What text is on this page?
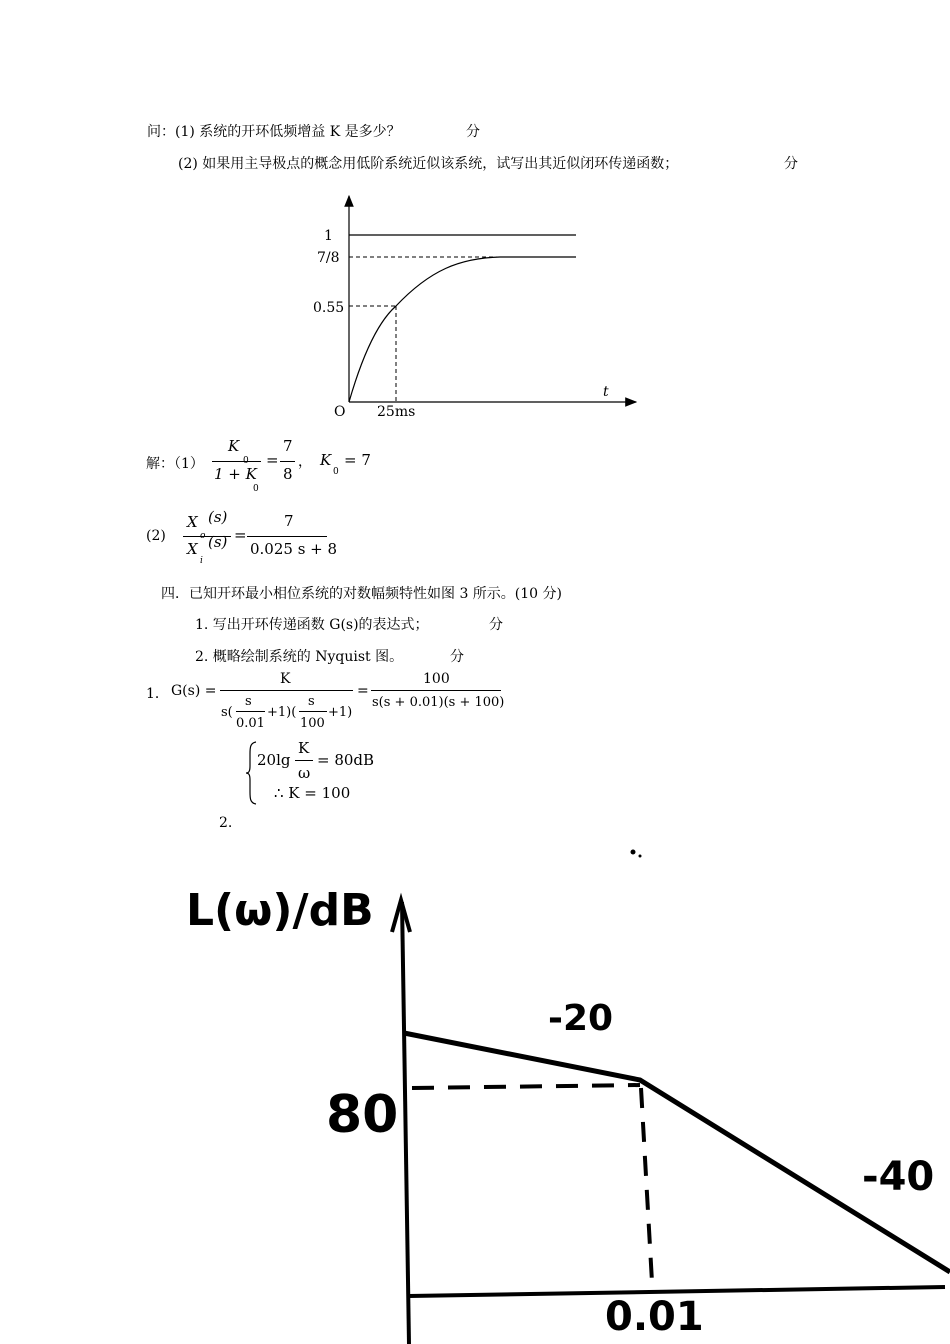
问：(1) 系统的开环低频增益 K 是多少？	分
(2) 如果用主导极点的概念用低阶系统近似该系统，试写出其近似闭环传递函数；	分
1
7/8
0.55
O 25ms
t
解：（1）
K
0
1 + K
0
=
7
8
， K
0
= 7
(2)
X
o
(s)
X
i
(s) =
7
0.025 s + 8
四．已知开环最小相位系统的对数幅频特性如图 3 所示。(10 分)
1. 写出开环传递函数 G(s)的表达式；	分
2. 概略绘制系统的 Nyquist 图。	分
1． G(s) =
K
s(
s
0.01
+1)(
s
100
+1)
=
100
s(s + 0.01)(s + 100)
20lg
K
ω
= 80dB
∴ K = 100
2.
L(ω)/dB
80
-20
-40
0.01
